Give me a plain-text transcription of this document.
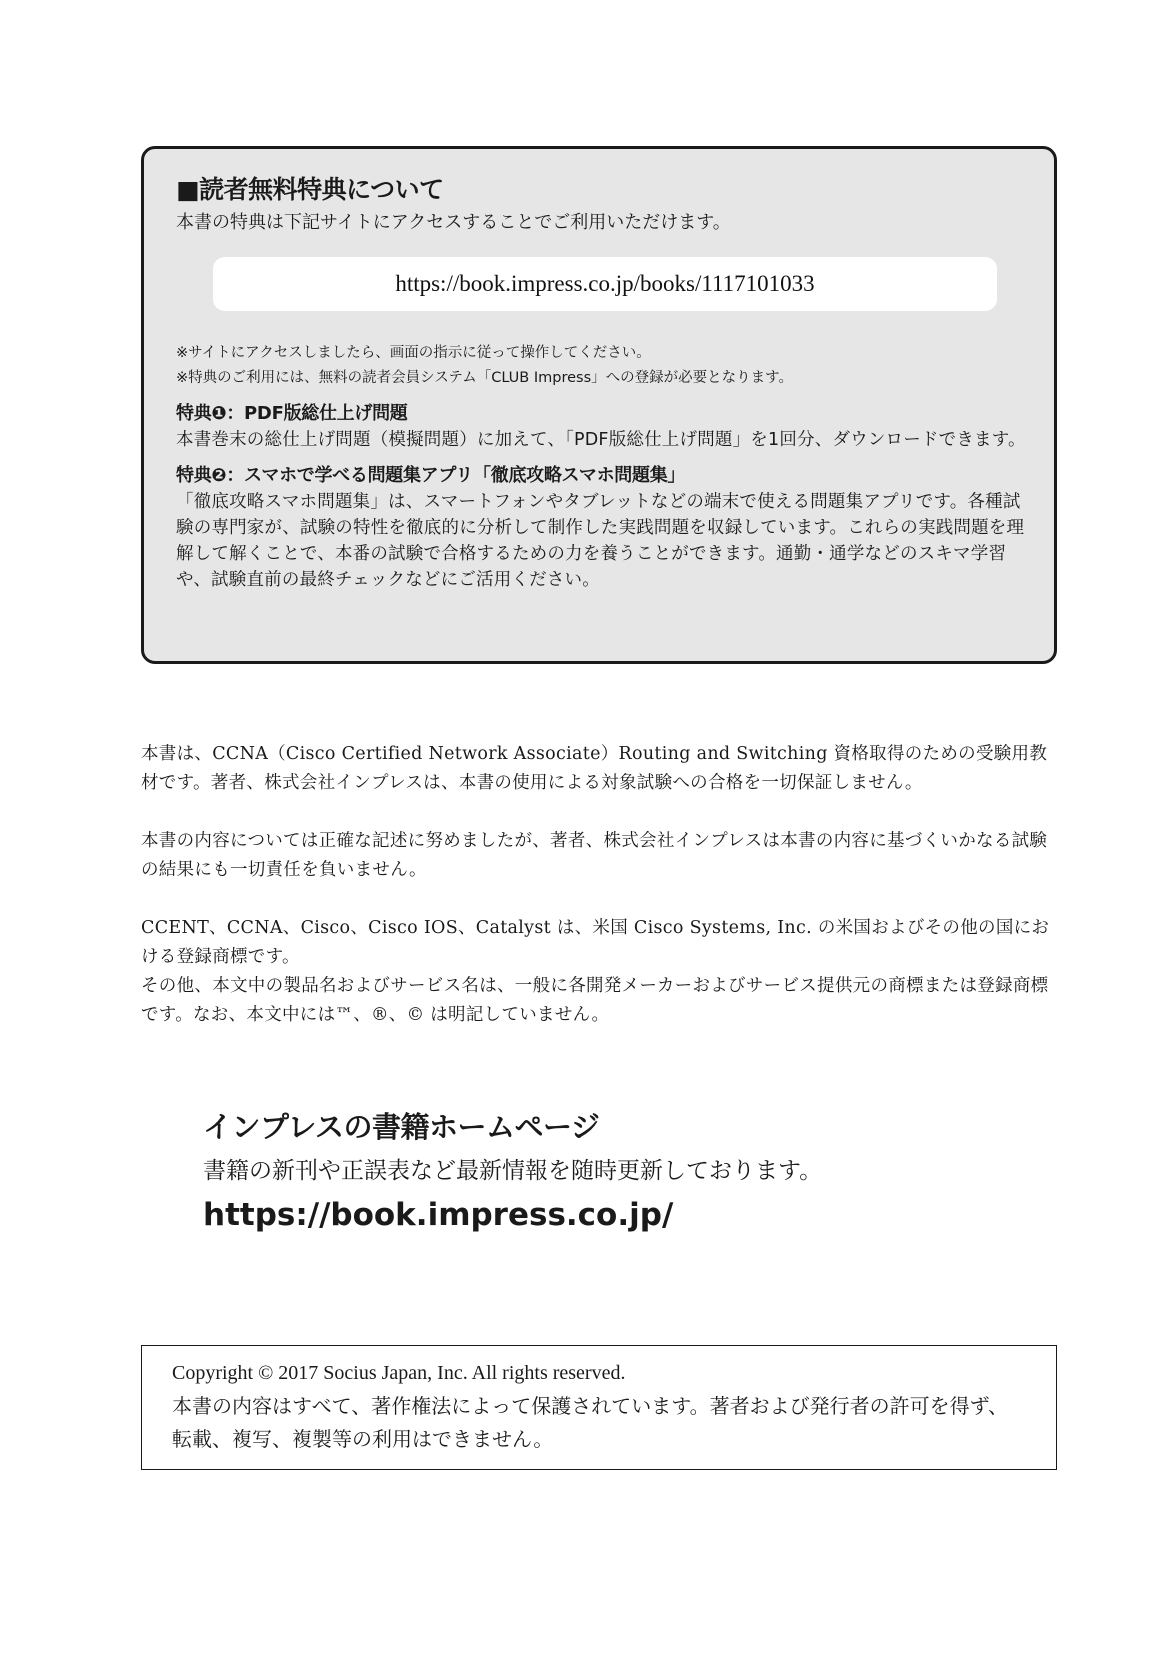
■読者無料特典について

本書の特典は下記サイトにアクセスすることでご利用いただけます。

https://book.impress.co.jp/books/1117101033

※サイトにアクセスしましたら、画面の指示に従って操作してください。

※特典のご利用には、無料の読者会員システム「CLUB Impress」への登録が必要となります。

特典❶：PDF版総仕上げ問題

本書巻末の総仕上げ問題（模擬問題）に加えて、「PDF版総仕上げ問題」を1回分、ダウンロードできます。

特典❷：スマホで学べる問題集アプリ「徹底攻略スマホ問題集」

「徹底攻略スマホ問題集」は、スマートフォンやタブレットなどの端末で使える問題集アプリです。各種試験の専門家が、試験の特性を徹底的に分析して制作した実践問題を収録しています。これらの実践問題を理解して解くことで、本番の試験で合格するための力を養うことができます。通勤・通学などのスキマ学習や、試験直前の最終チェックなどにご活用ください。

本書は、CCNA（Cisco Certified Network Associate）Routing and Switching 資格取得のための受験用教材です。著者、株式会社インプレスは、本書の使用による対象試験への合格を一切保証しません。

本書の内容については正確な記述に努めましたが、著者、株式会社インプレスは本書の内容に基づくいかなる試験の結果にも一切責任を負いません。

CCENT、CCNA、Cisco、Cisco IOS、Catalyst は、米国 Cisco Systems, Inc. の米国およびその他の国における登録商標です。

その他、本文中の製品名およびサービス名は、一般に各開発メーカーおよびサービス提供元の商標または登録商標です。なお、本文中には™、®、© は明記していません。

インプレスの書籍ホームページ

書籍の新刊や正誤表など最新情報を随時更新しております。

https://book.impress.co.jp/

Copyright © 2017 Socius Japan, Inc. All rights reserved.

本書の内容はすべて、著作権法によって保護されています。著者および発行者の許可を得ず、転載、複写、複製等の利用はできません。
